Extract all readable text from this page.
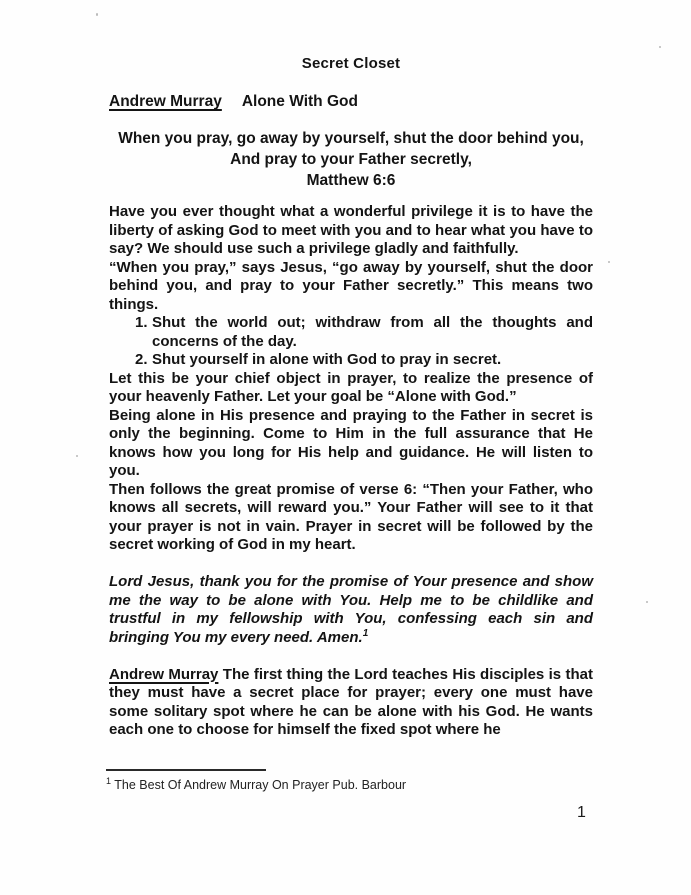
Secret Closet
Andrew Murray Alone With God
When you pray, go away by yourself, shut the door behind you,
And pray to your Father secretly,
Matthew 6:6

Have you ever thought what a wonderful privilege it is to have the liberty of asking God to meet with you and to hear what you have to say? We should use such a privilege gladly and faithfully.

“When you pray,” says Jesus, “go away by yourself, shut the door behind you, and pray to your Father secretly.” This means two things.

1. Shut the world out; withdraw from all the thoughts and concerns of the day.
2. Shut yourself in alone with God to pray in secret.

Let this be your chief object in prayer, to realize the presence of your heavenly Father. Let your goal be “Alone with God.”

Being alone in His presence and praying to the Father in secret is only the beginning. Come to Him in the full assurance that He knows how you long for His help and guidance. He will listen to you.

Then follows the great promise of verse 6: “Then your Father, who knows all secrets, will reward you.” Your Father will see to it that your prayer is not in vain. Prayer in secret will be followed by the secret working of God in my heart.

Lord Jesus, thank you for the promise of Your presence and show me the way to be alone with You. Help me to be childlike and trustful in my fellowship with You, confessing each sin and bringing You my every need. Amen.$^1$

Andrew Murray The first thing the Lord teaches His disciples is that they must have a secret place for prayer; every one must have some solitary spot where he can be alone with his God. He wants each one to choose for himself the fixed spot where he

$^1$ The Best Of Andrew Murray On Prayer Pub. Barbour
1
